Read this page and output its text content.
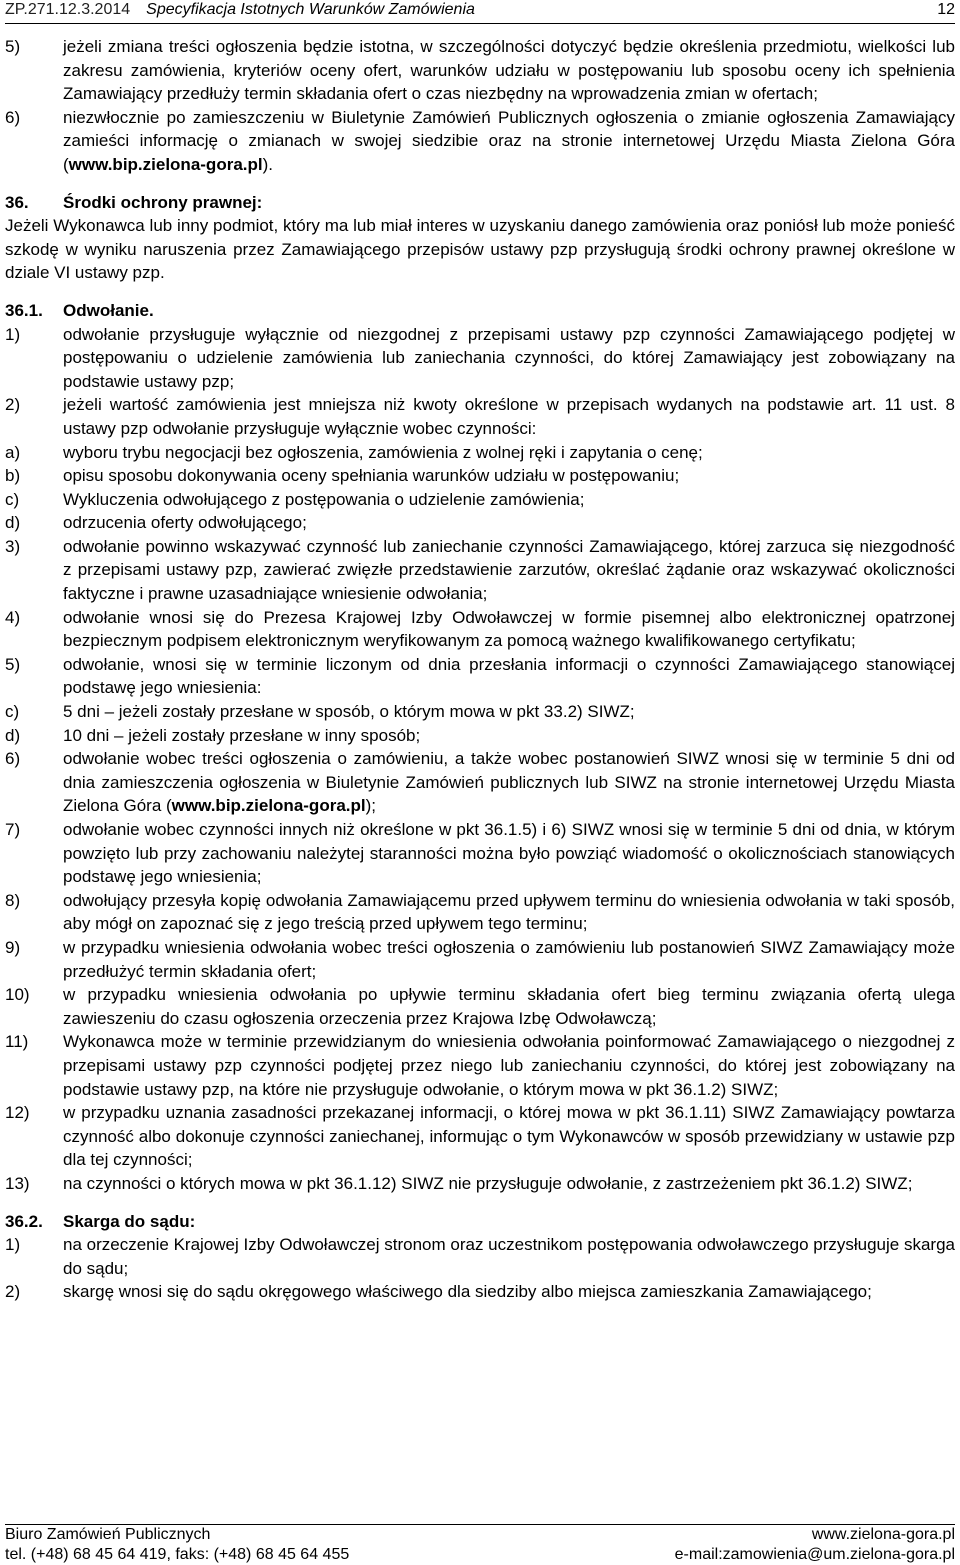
ZP.271.12.3.2014 Specyfikacja Istotnych Warunków Zamówienia	12
5)	jeżeli zmiana treści ogłoszenia będzie istotna, w szczególności dotyczyć będzie określenia przedmiotu, wielkości lub zakresu zamówienia, kryteriów oceny ofert, warunków udziału w postępowaniu lub sposobu oceny ich spełnienia Zamawiający przedłuży termin składania ofert o czas niezbędny na wprowadzenia zmian w ofertach;
6)	niezwłocznie po zamieszczeniu w Biuletynie Zamówień Publicznych ogłoszenia o zmianie ogłoszenia Zamawiający zamieści informację o zmianach w swojej siedzibie oraz na stronie internetowej Urzędu Miasta Zielona Góra (www.bip.zielona-gora.pl).
36.	Środki ochrony prawnej:
Jeżeli Wykonawca lub inny podmiot, który ma lub miał interes w uzyskaniu danego zamówienia oraz poniósł lub może ponieść szkodę w wyniku naruszenia przez Zamawiającego przepisów ustawy pzp przysługują środki ochrony prawnej określone w dziale VI ustawy pzp.
36.1.	Odwołanie.
1)	odwołanie przysługuje wyłącznie od niezgodnej z przepisami ustawy pzp czynności Zamawiającego podjętej w postępowaniu o udzielenie zamówienia lub zaniechania czynności, do której Zamawiający jest zobowiązany na podstawie ustawy pzp;
2)	jeżeli wartość zamówienia jest mniejsza niż kwoty określone w przepisach wydanych na podstawie art. 11 ust. 8 ustawy pzp odwołanie przysługuje wyłącznie wobec czynności:
a)	wyboru trybu negocjacji bez ogłoszenia, zamówienia z wolnej ręki i zapytania o cenę;
b)	opisu sposobu dokonywania oceny spełniania warunków udziału w postępowaniu;
c)	Wykluczenia odwołującego z postępowania o udzielenie zamówienia;
d)	odrzucenia oferty odwołującego;
3)	odwołanie powinno wskazywać czynność lub zaniechanie czynności Zamawiającego, której zarzuca się niezgodność z przepisami ustawy pzp, zawierać zwięzłe przedstawienie zarzutów, określać żądanie oraz wskazywać okoliczności faktyczne i prawne uzasadniające wniesienie odwołania;
4)	odwołanie wnosi się do Prezesa Krajowej Izby Odwoławczej w formie pisemnej albo elektronicznej opatrzonej bezpiecznym podpisem elektronicznym weryfikowanym za pomocą ważnego kwalifikowanego certyfikatu;
5)	odwołanie, wnosi się w terminie liczonym od dnia przesłania informacji o czynności Zamawiającego stanowiącej podstawę jego wniesienia:
c)	5 dni – jeżeli zostały przesłane w sposób, o którym mowa w pkt 33.2) SIWZ;
d)	10 dni – jeżeli zostały przesłane w inny sposób;
6)	odwołanie wobec treści ogłoszenia o zamówieniu, a także wobec postanowień SIWZ wnosi się w terminie 5 dni od dnia zamieszczenia ogłoszenia w Biuletynie Zamówień publicznych lub SIWZ na stronie internetowej Urzędu Miasta Zielona Góra (www.bip.zielona-gora.pl);
7)	odwołanie wobec czynności innych niż określone w pkt 36.1.5) i 6) SIWZ wnosi się w terminie 5 dni od dnia, w którym powzięto lub przy zachowaniu należytej staranności można było powziąć wiadomość o okolicznościach stanowiących podstawę jego wniesienia;
8)	odwołujący przesyła kopię odwołania Zamawiającemu przed upływem terminu do wniesienia odwołania w taki sposób, aby mógł on zapoznać się z jego treścią przed upływem tego terminu;
9)	w przypadku wniesienia odwołania wobec treści ogłoszenia o zamówieniu lub postanowień SIWZ Zamawiający może przedłużyć termin składania ofert;
10)	w przypadku wniesienia odwołania po upływie terminu składania ofert bieg terminu związania ofertą ulega zawieszeniu do czasu ogłoszenia orzeczenia przez Krajowa Izbę Odwoławczą;
11)	Wykonawca może w terminie przewidzianym do wniesienia odwołania poinformować Zamawiającego o niezgodnej z przepisami ustawy pzp czynności podjętej przez niego lub zaniechaniu czynności, do której jest zobowiązany na podstawie ustawy pzp, na które nie przysługuje odwołanie, o którym mowa w pkt 36.1.2) SIWZ;
12)	w przypadku uznania zasadności przekazanej informacji, o której mowa w pkt 36.1.11) SIWZ Zamawiający powtarza czynność albo dokonuje czynności zaniechanej, informując o tym Wykonawców w sposób przewidziany w ustawie pzp dla tej czynności;
13)	na czynności o których mowa w pkt 36.1.12) SIWZ nie przysługuje odwołanie, z zastrzeżeniem pkt 36.1.2) SIWZ;
36.2.	Skarga do sądu:
1)	na orzeczenie Krajowej Izby Odwoławczej stronom oraz uczestnikom postępowania odwoławczego przysługuje skarga do sądu;
2)	skargę wnosi się do sądu okręgowego właściwego dla siedziby albo miejsca zamieszkania Zamawiającego;
Biuro Zamówień Publicznych	www.zielona-gora.pl
tel. (+48) 68 45 64 419, faks: (+48) 68 45 64 455	e-mail:zamowienia@um.zielona-gora.pl
